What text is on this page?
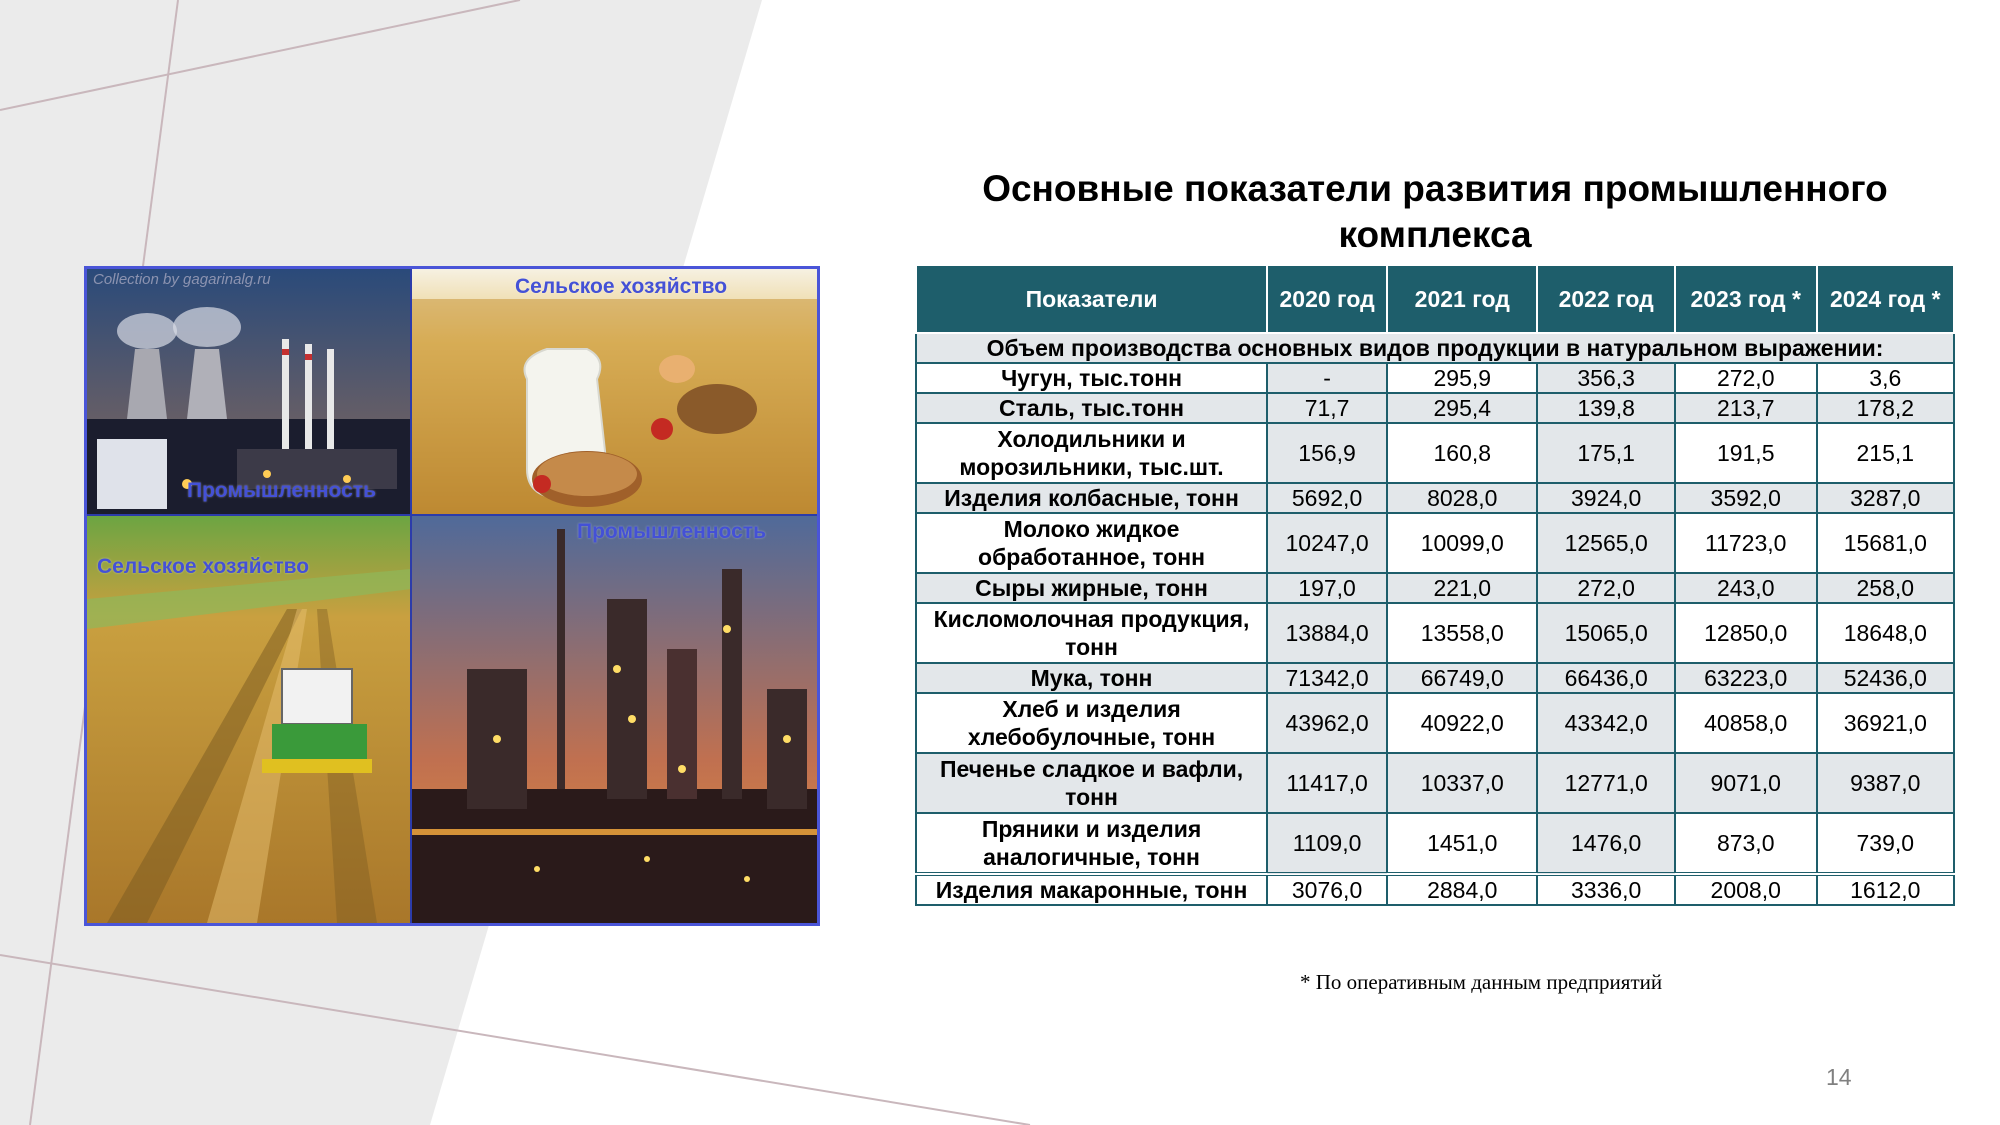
Основные показатели развития промышленного комплекса
Collection by gagarinalg.ru
Промышленность
Сельское хозяйство
Сельское хозяйство
Промышленность
Показатели	2020 год	2021 год	2022 год	2023 год *	2024 год *
Объем производства основных видов продукции в натуральном выражении:					
Чугун, тыс.тонн	-	295,9	356,3	272,0	3,6
Сталь, тыс.тонн	71,7	295,4	139,8	213,7	178,2
Холодильники и морозильники, тыс.шт.	156,9	160,8	175,1	191,5	215,1
Изделия колбасные, тонн	5692,0	8028,0	3924,0	3592,0	3287,0
Молоко жидкое обработанное, тонн	10247,0	10099,0	12565,0	11723,0	15681,0
Сыры жирные, тонн	197,0	221,0	272,0	243,0	258,0
Кисломолочная продукция, тонн	13884,0	13558,0	15065,0	12850,0	18648,0
Мука, тонн	71342,0	66749,0	66436,0	63223,0	52436,0
Хлеб и изделия хлебобулочные, тонн	43962,0	40922,0	43342,0	40858,0	36921,0
Печенье сладкое и вафли, тонн	11417,0	10337,0	12771,0	9071,0	9387,0
Пряники и изделия аналогичные, тонн	1109,0	1451,0	1476,0	873,0	739,0
Изделия макаронные, тонн	3076,0	2884,0	3336,0	2008,0	1612,0
* По оперативным данным предприятий
14
